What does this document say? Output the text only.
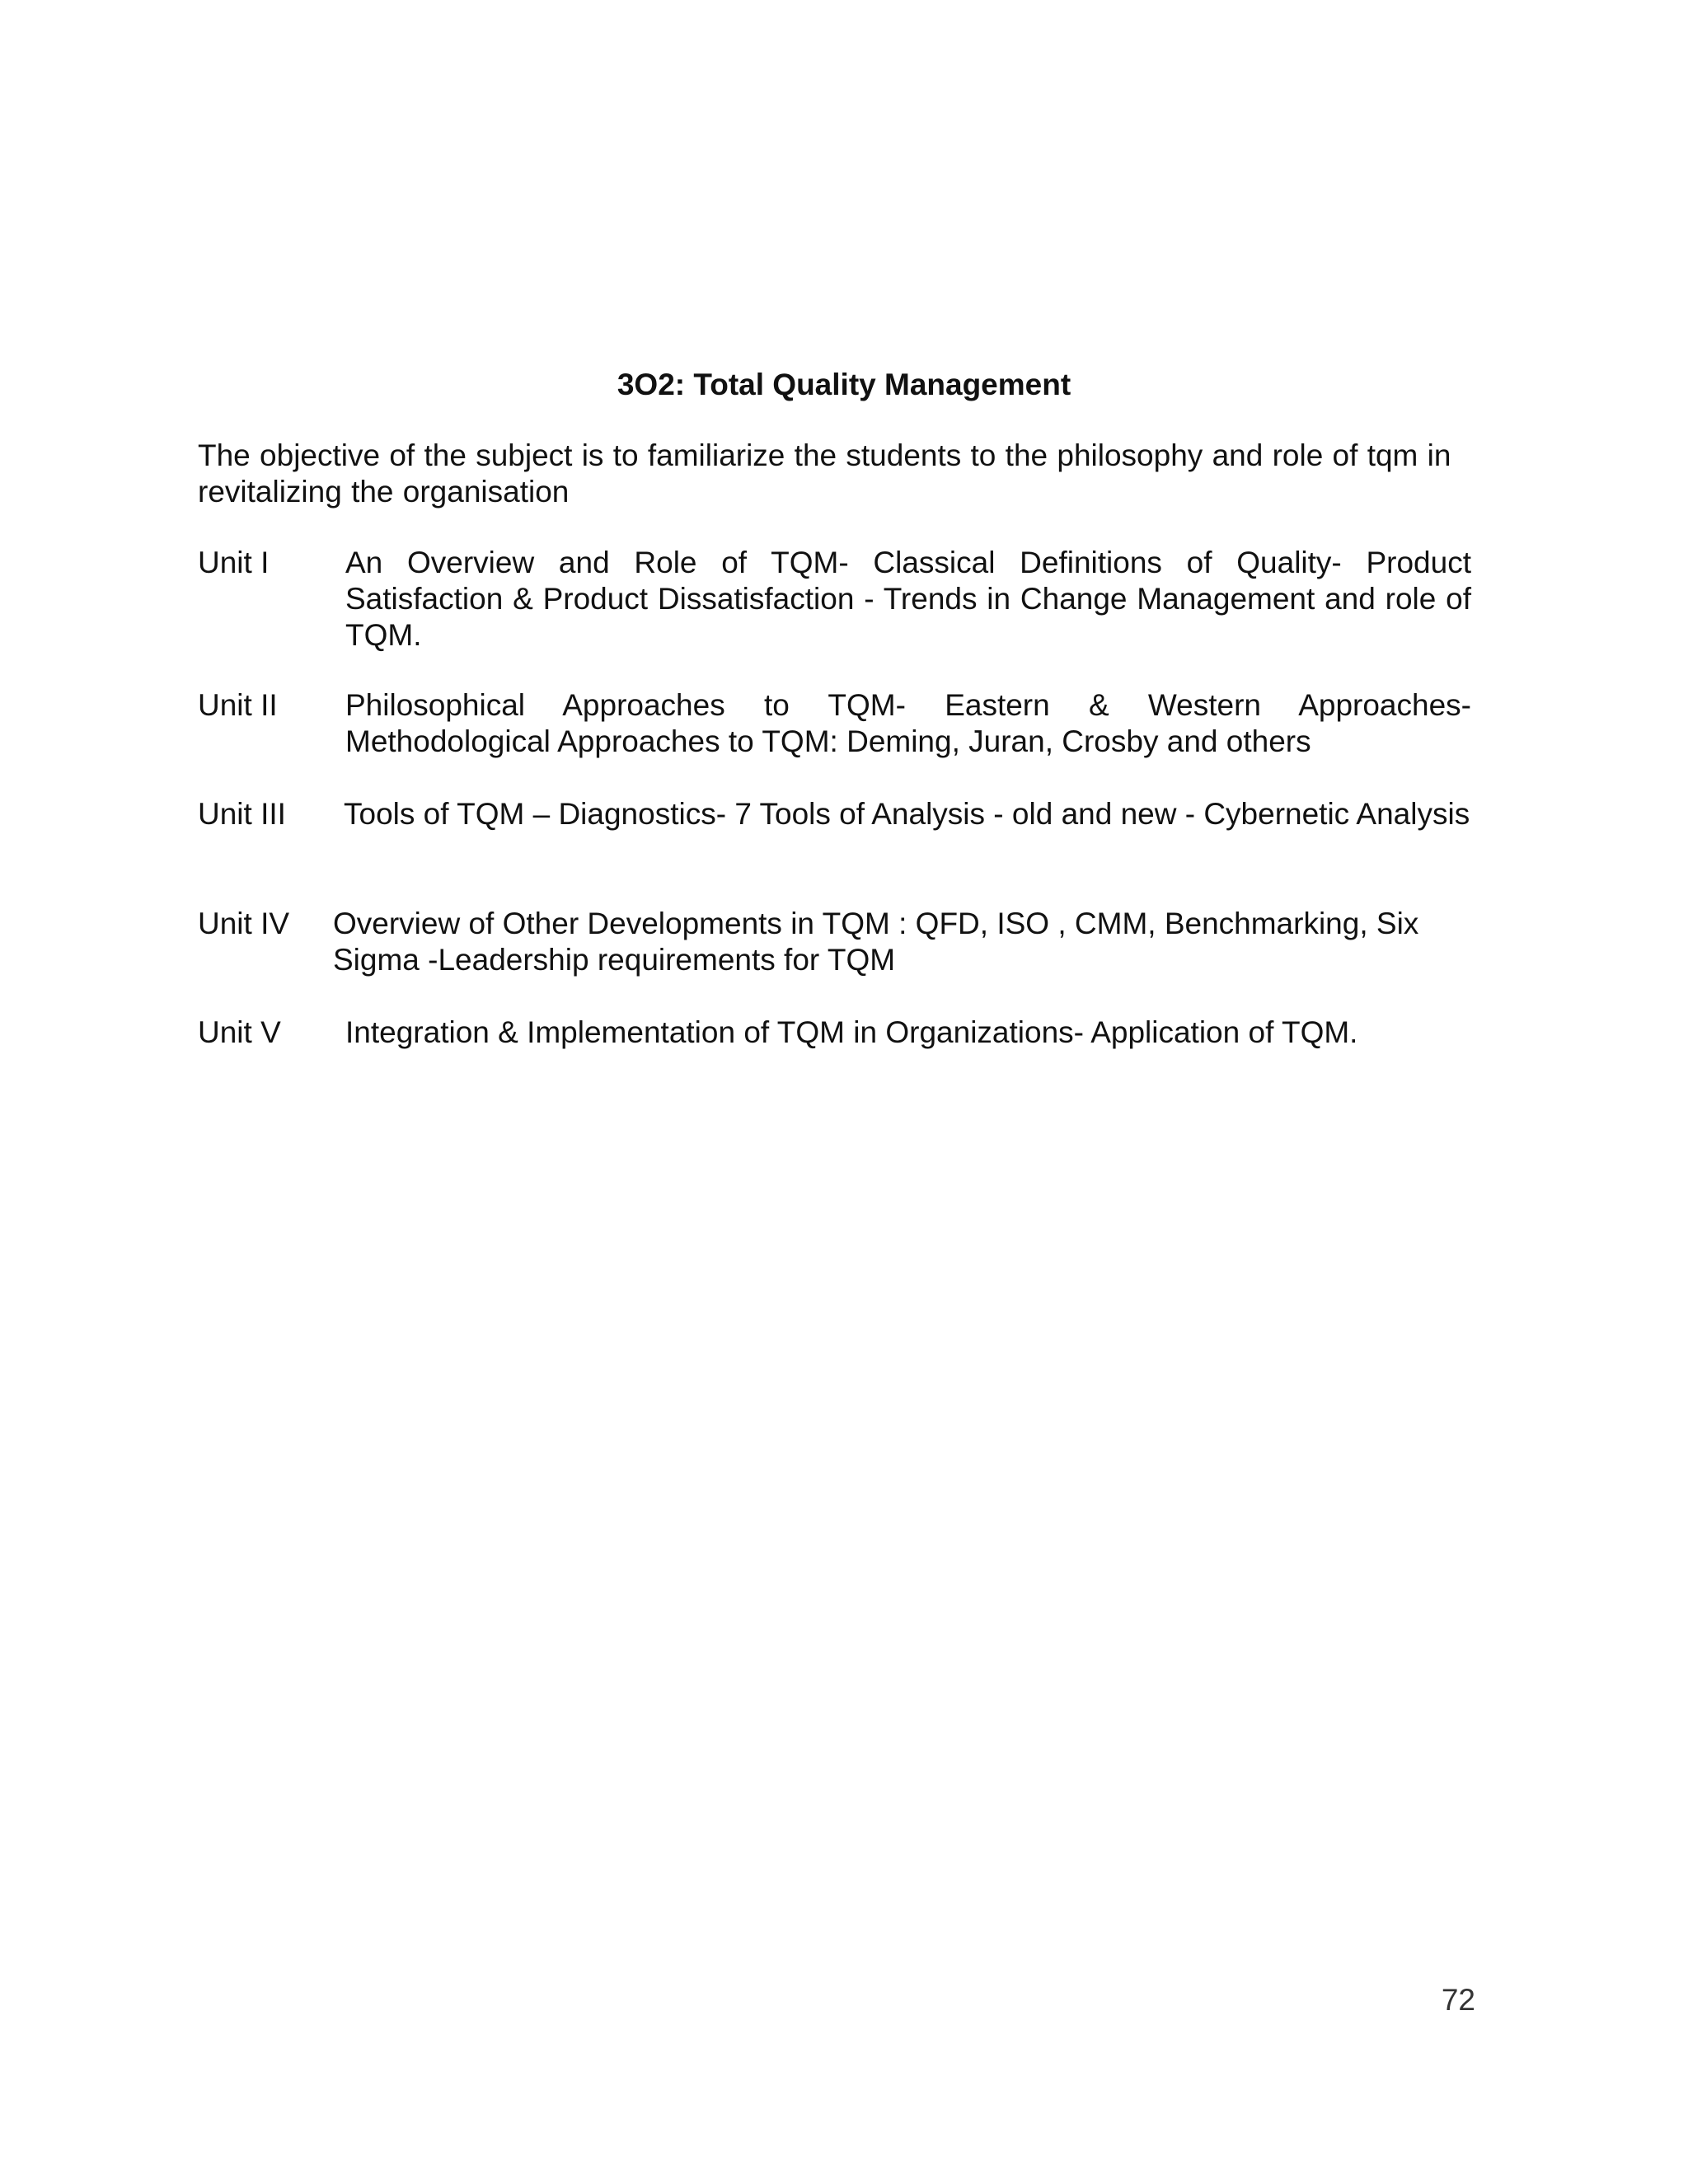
3O2: Total Quality Management
The objective of the subject is to familiarize the students to the philosophy and role of tqm in revitalizing the organisation
Unit I	An Overview and Role of TQM- Classical Definitions of Quality- Product Satisfaction & Product Dissatisfaction - Trends in Change Management and role of TQM.
Unit II Philosophical Approaches to TQM- Eastern & Western Approaches- Methodological Approaches to TQM: Deming, Juran, Crosby and others
Unit III Tools of TQM – Diagnostics- 7 Tools of Analysis - old and new - Cybernetic Analysis
Unit IV Overview of Other Developments in TQM : QFD, ISO , CMM, Benchmarking, Six Sigma -Leadership requirements for TQM
Unit V Integration & Implementation of TQM in Organizations- Application of TQM.
72
